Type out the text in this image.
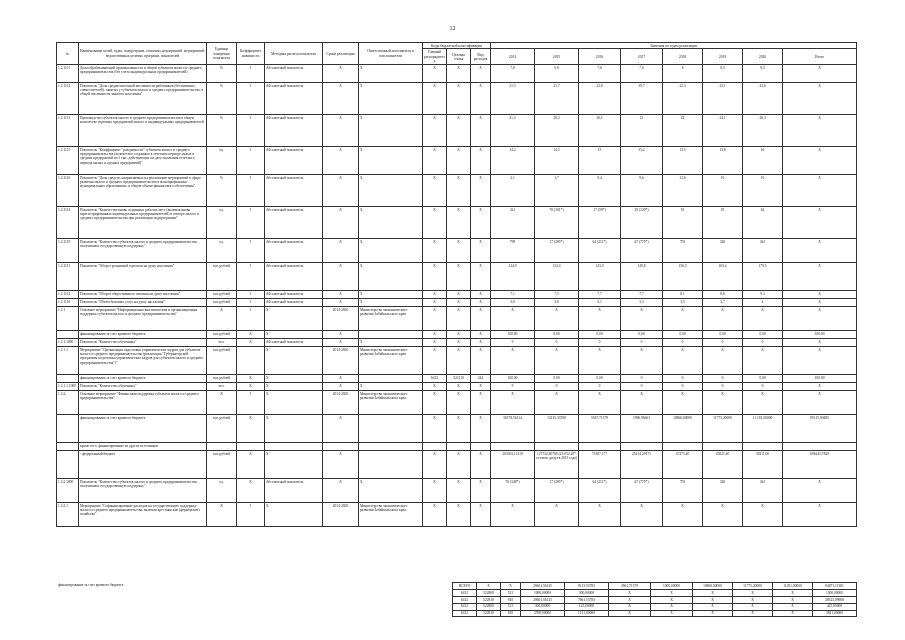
12
№	Наименование целей, задач, подпрограмм, основных мероприятий, мероприятий, ведомственных целевых программ, показателей	Единица измерения показателя	Коэффициент значимости	Методика расчета показателя	Сроки реализации	Ответственный исполнитель и соисполнители	Коды бюджетной классификации			Значения по годам реализации							
							Главный распорядитель	Целевая статья	Вид расходов	2014	2015	2016	2017	2018	2019	2020	Итого
1.2.1111	Доля обрабатывающей промышленности в общем субъектов малого и среднего предпринимательства (без учета индивидуальных предпринимателей)	%	1	Абсолютный показатель	X	X	X	X	X	7,8	6,8	7,6	7,6	8	8,5	9,5	X
1.2.1112	Показатель "Доля среднесписочной численности работников (без внешних совместителей), занятых у субъектов малого и среднего предпринимательства, в общей численности занятого населения"	%	1	Абсолютный показатель	X	X	X	X	X	21,5	21,7	22,8	19,7	22,3	23,1	23,6	X
1.2.1113	Производство субъектов малого и среднего предпринимательства в общем количестве торговых предприятий малого и индивидуальных предпринимателей	%	1	Абсолютный показатель	X	X	X	X	X	41,3	28,2	30,1	21	22	24,1	26,3	X
1.2.1115	Показатель "Коэффициент "рождаемости" субъектов малого и среднего предпринимательства (количество созданных в отчетном периоде малых и средних предприятий на 1 тыс. действующих на дату окончания отчетного периода малых и средних предприятий)"	ед.	1	Абсолютный показатель	X	X	X	X	X	14,2	14,5	15	13,2	13,5	13,8	16	X
1.2.1116	Показатель "Доля средств, направляемых на реализацию мероприятий в сфере развития малого и среднего предпринимательства в монопрофильных муниципальных образованиях, в общем объеме финансового обеспечения"	%	1	Абсолютный показатель	X	X	X	X	X	2,1	1,7	9,4	9,6	12,6	10	10	X
1.2.1114	Показатель "Количество вновь созданных рабочих мест (включая вновь зарегистрированных индивидуальных предпринимателей) в секторе малого и среднего предпринимательства при реализации подпрограммы"	ед.	1	Абсолютный показатель	X	X	X	X	X	321	70 (181*)	17 (59*)	29 (120*)	53	55	62	X
1.2.1119	Показатель "Количество субъектов малого и среднего предпринимательства, получивших государственную поддержку"	ед.	1	Абсолютный показатель	X	X	X	X	X	799	17 (285*)	64 (211*)	67 (775*)	793	326	361	X
1.2.1111	Показатель "Оборот розничной торговли на душу населения"	тыс.рублей	1	Абсолютный показатель	X	X	X	X	X	124,9	132,4	143,0	149,8	156,3	165,4	179,5	X
1.2.1112	Показатель "Оборот общественного питания на душу населения"	тыс.рублей	1	Абсолютный показатель	X	X	X	X	X	7,1	7,5	7,7	7,7	8,1	8,6	9,3	X
1.2.1116	Показатель "Объем бытовых услуг на душу населения"	тыс.рублей	1	Абсолютный показатель	X	X	X	X	X	3,0	3,0	3,1	3,3	3,5	3,7	4	X
1.2.1	Основное мероприятие "Информационно-аналитическая и организационная поддержка субъектов малого и среднего предпринимательства"	X	1	X	2014-2020	Министерство экономического развития Забайкальского края	X	X	X	X	X	X	X	X	X	X	X
	финансирование за счет краевого бюджета	тыс.рублей	X	X	X		X	X	X	100,00	0,00	0,00	0,00	0,00	0,00	0,00	100,00
1.2.1.1000	Показатель "Количество обученных"	чел.	X	Абсолютный показатель	X	X	X	X	X	9	0	0	0	0	0	0	X
1.2.1.1	Мероприятие "Организация подготовки управленческих кадров для субъектов малого и среднего предпринимательства (реализация "Губернаторской программы подготовки управленческих кадров для субъектов малого и среднего предпринимательства")"	тыс.рублей		X	2014-2020	Министерство экономического развития Забайкальского края	X	X	X	X	X	X	X	X	X	X	X
	финансирование за счет краевого бюджета	тыс.рублей	X	X	X		6412	522110	244	100,00	0,00	0,00	0	0	0	0,00	100,00
1.2.1.1.1000	Показатель "Количество обученных"	чел.	X	X	X	X	X	X	X	9	0	0	0	0	0	0	X
1.2.2.	Основное мероприятие "Финансовая поддержка субъектов малого и среднего предпринимательства"	X	1	X	2014-2020	Министерство экономического развития Забайкальского края	X	X	X	X	X	X	X	X	X	X	X
	финансирование за счет краевого бюджета	тыс.рублей	X	X	X		X	X	X	30178,56114	13135,33700	5567,71379	1996,96661	10860,00000	11775,20000	11 181,00000	85115,90485
	кроме того, финансирование из других источников																
	- федеральный бюджет	тыс.рублей	X	X	X		X	X	X	203503,11219	127722,60700 (23 052,20* остаток средств 2015 года)	75387,177	25214,29171	47475,40	25021,40	38111,00	696245,7820
1.2.2.1000	Показатель "Количество субъектов малого и среднего предпринимательства, получивших государственную поддержку"	ед.	X	Абсолютный показатель	X	X	X	X	X	76 (348*)	17 (285*)	64 (211*)	67 (775*)	793	326	361	X
1.2.2.1	Мероприятие "Софинансирование расходов на государственную поддержку малого и среднего предпринимательства, включая крестьянские (фермерские) хозяйства"	X	1	X	2014-2020	Министерство экономического развития Забайкальского края	X	X	X	X	X	X	X	X	X	X	X
финансирование за счет краевого бюджета	ВСЕГО	X	X	29461,56125	9113,53783	4561,71379	1000,00000	10860,00000	11775,20000	11181,00000	84871,11381
6412	522800	521	1000,00000	300,00000	X	X	X	X	X	1300,00000
6412	522810	810	20661,56125	7661,53783	X	X	X	X	X	28323,09908
6412	522800	521	300,00000	125,00000	X	X	X	X	X	425,00000
6412	522810	810	2700,00000	1121,00000	X	X	X	X	X	3821,00000
